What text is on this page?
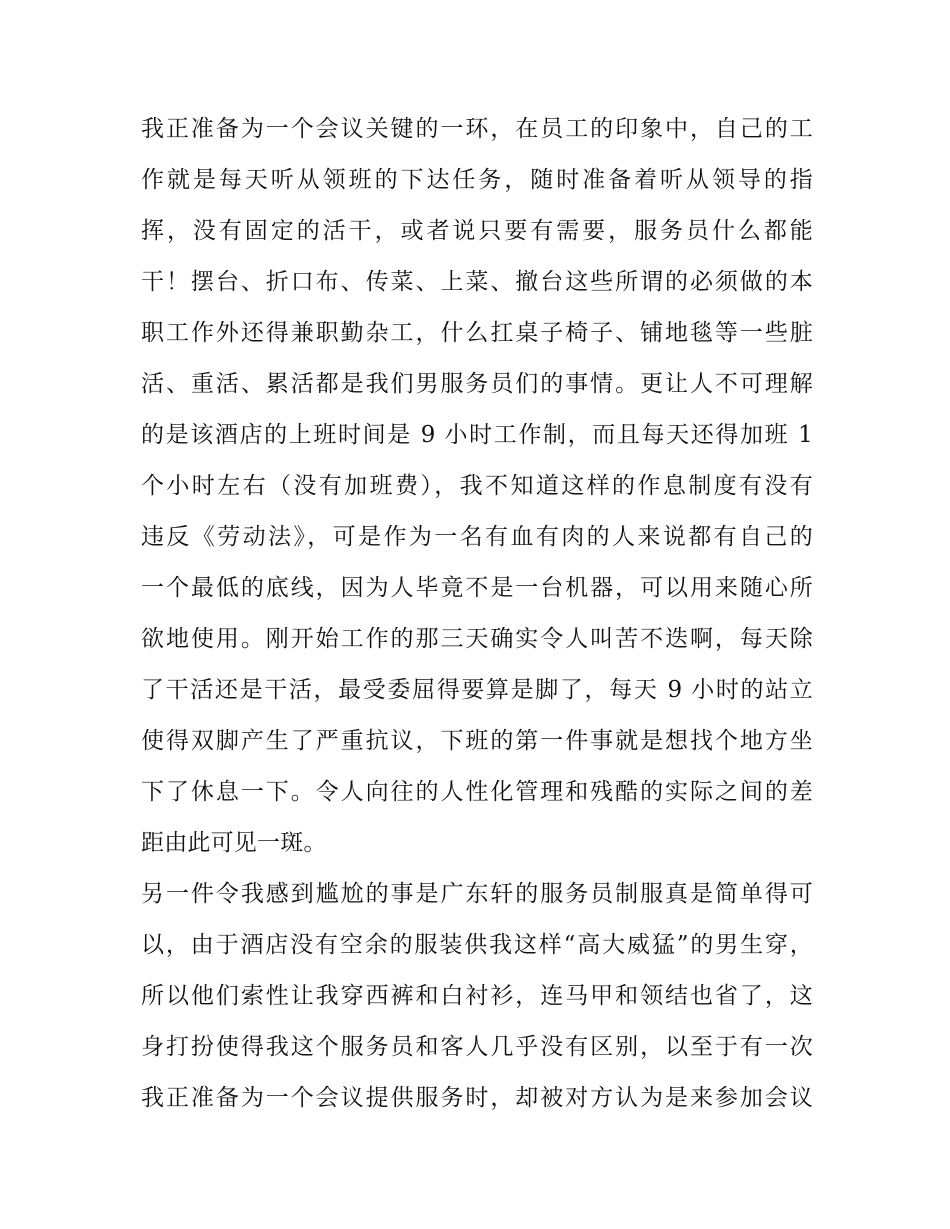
我正准备为一个会议关键的一环，在员工的印象中，自己的工
作就是每天听从领班的下达任务，随时准备着听从领导的指
挥，没有固定的活干，或者说只要有需要，服务员什么都能
干！摆台、折口布、传菜、上菜、撤台这些所谓的必须做的本
职工作外还得兼职勤杂工，什么扛桌子椅子、铺地毯等一些脏
活、重活、累活都是我们男服务员们的事情。更让人不可理解
的是该酒店的上班时间是 9 小时工作制，而且每天还得加班 1
个小时左右（没有加班费），我不知道这样的作息制度有没有
违反《劳动法》，可是作为一名有血有肉的人来说都有自己的
一个最低的底线，因为人毕竟不是一台机器，可以用来随心所
欲地使用。刚开始工作的那三天确实令人叫苦不迭啊，每天除
了干活还是干活，最受委屈得要算是脚了，每天 9 小时的站立
使得双脚产生了严重抗议，下班的第一件事就是想找个地方坐
下了休息一下。令人向往的人性化管理和残酷的实际之间的差
距由此可见一斑。
另一件令我感到尴尬的事是广东轩的服务员制服真是简单得可
以，由于酒店没有空余的服装供我这样“高大威猛”的男生穿，
所以他们索性让我穿西裤和白衬衫，连马甲和领结也省了，这
身打扮使得我这个服务员和客人几乎没有区别，以至于有一次
我正准备为一个会议提供服务时，却被对方认为是来参加会议
